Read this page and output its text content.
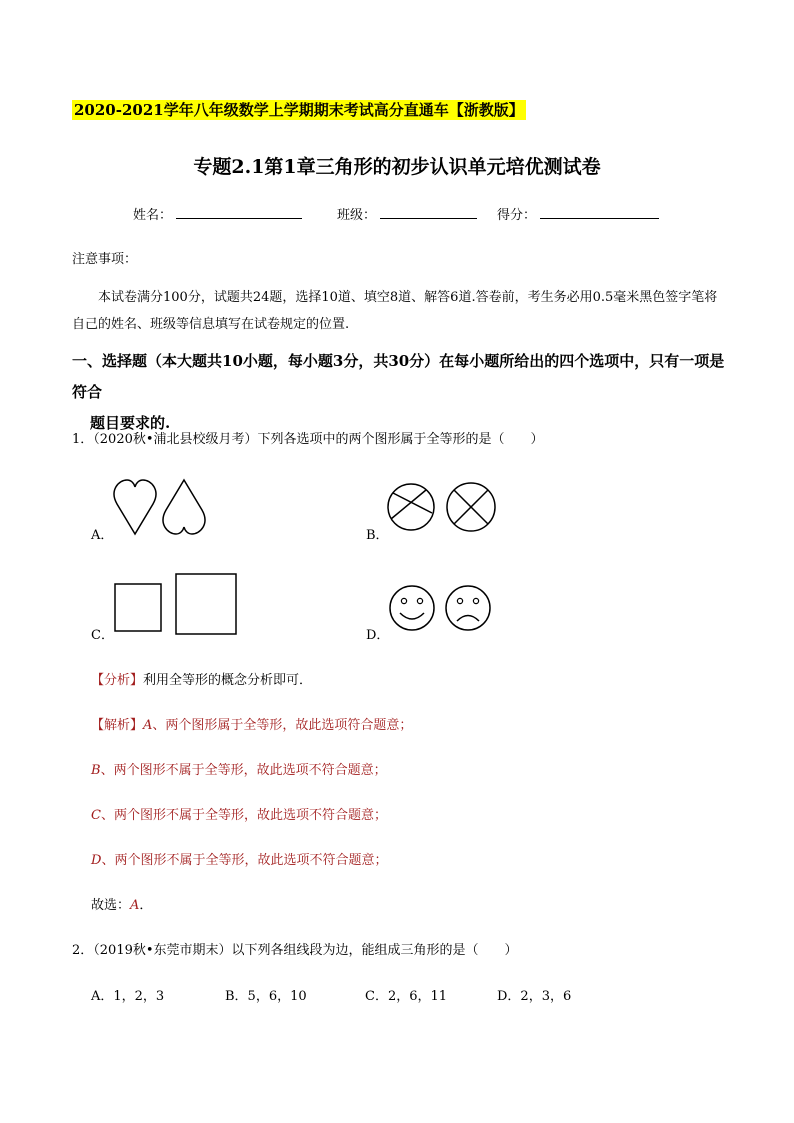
2020-2021学年八年级数学上学期期末考试高分直通车【浙教版】
专题2.1第1章三角形的初步认识单元培优测试卷
姓名：	班级：	得分：
注意事项：
本试卷满分100分，试题共24题，选择10道、填空8道、解答6道.答卷前，考生务必用0.5毫米黑色签字笔将自己的姓名、班级等信息填写在试卷规定的位置.
一、选择题（本大题共10小题，每小题3分，共30分）在每小题所给出的四个选项中，只有一项是符合
题目要求的.
1．（2020秋•浦北县校级月考）下列各选项中的两个图形属于全等形的是（　　）
A．	B．
C．	D．
【分析】利用全等形的概念分析即可．
【解析】A、两个图形属于全等形，故此选项符合题意；
B、两个图形不属于全等形，故此选项不符合题意；
C、两个图形不属于全等形，故此选项不符合题意；
D、两个图形不属于全等形，故此选项不符合题意；
故选：A．
2．（2019秋•东莞市期末）以下列各组线段为边，能组成三角形的是（　　）
A．1，2，3	B．5，6，10	C．2，6，11	D．2，3，6
